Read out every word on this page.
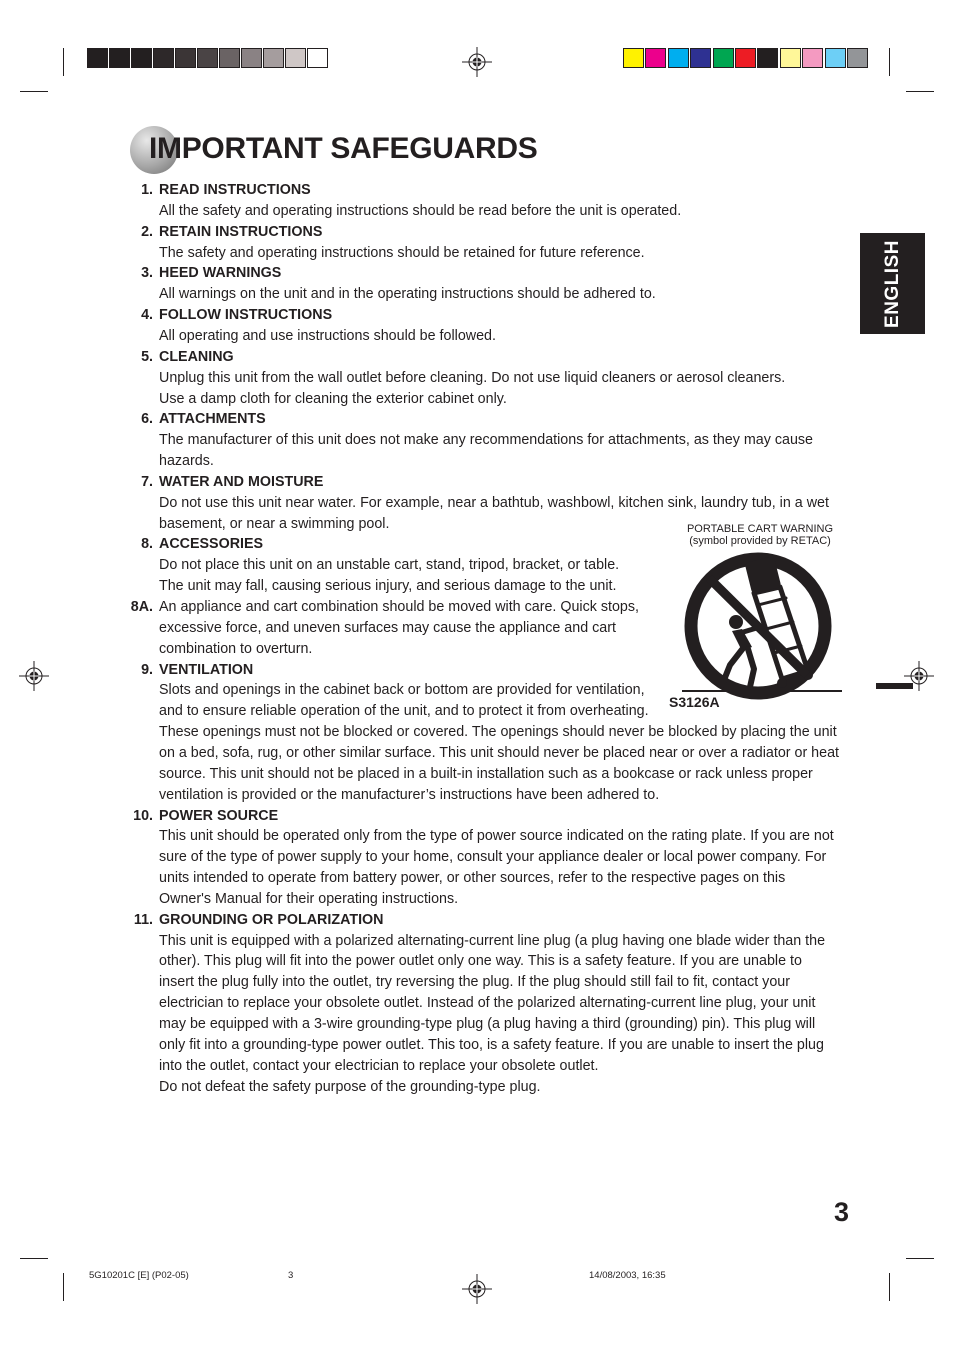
IMPORTANT SAFEGUARDS
ENGLISH
1. READ INSTRUCTIONS
All the safety and operating instructions should be read before the unit is operated.
2. RETAIN INSTRUCTIONS
The safety and operating instructions should be retained for future reference.
3. HEED WARNINGS
All warnings on the unit and in the operating instructions should be adhered to.
4. FOLLOW INSTRUCTIONS
All operating and use instructions should be followed.
5. CLEANING
Unplug this unit from the wall outlet before cleaning. Do not use liquid cleaners or aerosol cleaners.
Use a damp cloth for cleaning the exterior cabinet only.
6. ATTACHMENTS
The manufacturer of this unit does not make any recommendations for attachments, as they may cause
hazards.
7. WATER AND MOISTURE
Do not use this unit near water. For example, near a bathtub, washbowl, kitchen sink, laundry tub, in a wet
basement, or near a swimming pool.
8. ACCESSORIES
Do not place this unit on an unstable cart, stand, tripod, bracket, or table.
The unit may fall, causing serious injury, and serious damage to the unit.
8A. An appliance and cart combination should be moved with care. Quick stops,
excessive force, and uneven surfaces may cause the appliance and cart
combination to overturn.
9. VENTILATION
Slots and openings in the cabinet back or bottom are provided for ventilation,
and to ensure reliable operation of the unit, and to protect it from overheating.
These openings must not be blocked or covered. The openings should never be blocked by placing the unit
on a bed, sofa, rug, or other similar surface. This unit should never be placed near or over a radiator or heat
source. This unit should not be placed in a built-in installation such as a bookcase or rack unless proper
ventilation is provided or the manufacturer’s instructions have been adhered to.
10. POWER SOURCE
This unit should be operated only from the type of power source indicated on the rating plate. If you are not
sure of the type of power supply to your home, consult your appliance dealer or local power company. For
units intended to operate from battery power, or other sources, refer to the respective pages on this
Owner's Manual for their operating instructions.
11. GROUNDING OR POLARIZATION
This unit is equipped with a polarized alternating-current line plug (a plug having one blade wider than the
other). This plug will fit into the power outlet only one way. This is a safety feature. If you are unable to
insert the plug fully into the outlet, try reversing the plug. If the plug should still fail to fit, contact your
electrician to replace your obsolete outlet. Instead of the polarized alternating-current line plug, your unit
may be equipped with a 3-wire grounding-type plug (a plug having a third (grounding) pin). This plug will
only fit into a grounding-type power outlet. This too, is a safety feature. If you are unable to insert the plug
into the outlet, contact your electrician to replace your obsolete outlet.
Do not defeat the safety purpose of the grounding-type plug.
PORTABLE CART WARNING
(symbol provided by RETAC)
S3126A
3
5G10201C [E] (P02-05)	3	14/08/2003, 16:35
